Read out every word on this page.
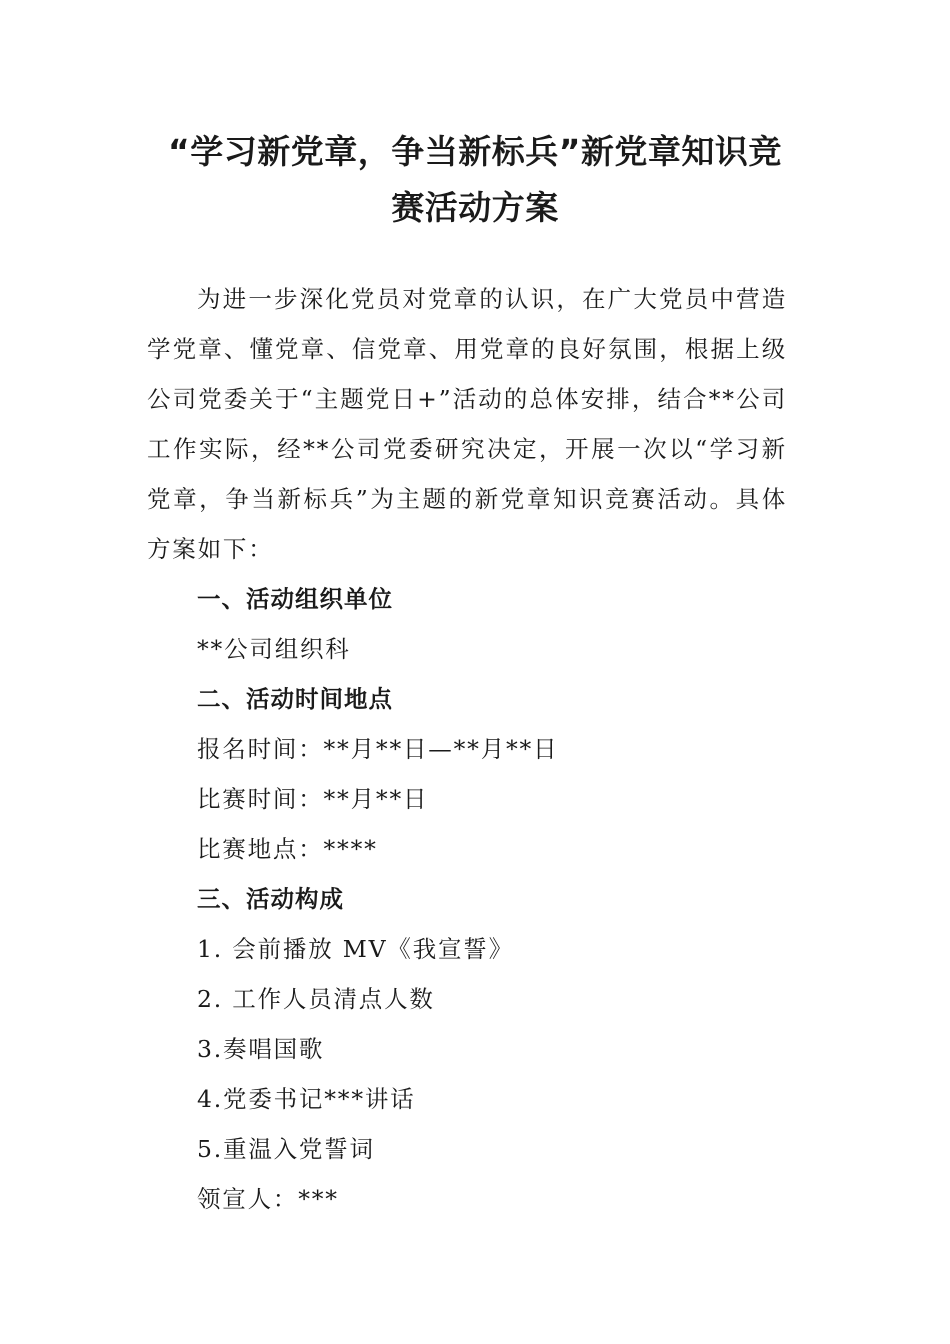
“学习新党章，争当新标兵”新党章知识竞
赛活动方案

为进一步深化党员对党章的认识，在广大党员中营造学党章、懂党章、信党章、用党章的良好氛围，根据上级公司党委关于“主题党日+”活动的总体安排，结合**公司工作实际，经**公司党委研究决定，开展一次以“学习新党章，争当新标兵”为主题的新党章知识竞赛活动。具体方案如下：

一、活动组织单位

**公司组织科

二、活动时间地点

报名时间：**月**日—**月**日

比赛时间：**月**日

比赛地点：****

三、活动构成

1. 会前播放 MV《我宣誓》

2. 工作人员清点人数

3.奏唱国歌

4.党委书记***讲话

5.重温入党誓词

领宣人：***
